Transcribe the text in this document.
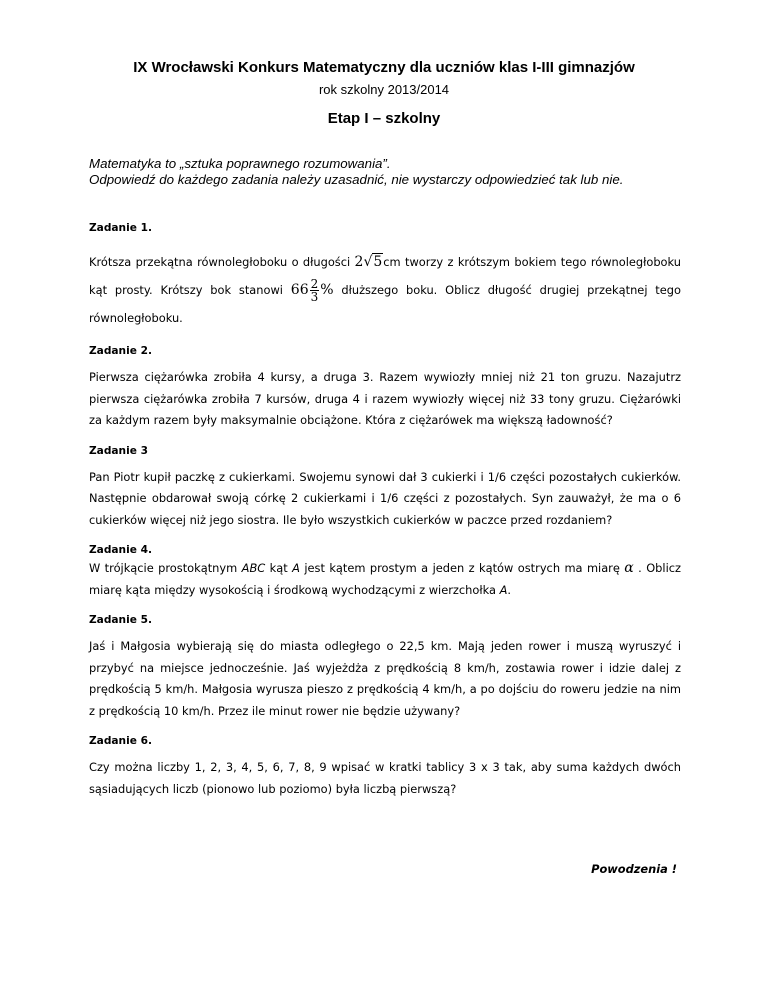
IX Wrocławski Konkurs Matematyczny dla uczniów klas I-III gimnazjów
rok szkolny 2013/2014
Etap I – szkolny
Matematyka to „sztuka poprawnego rozumowania”.
Odpowiedź do każdego zadania należy uzasadnić, nie wystarczy odpowiedzieć tak lub nie.
Zadanie 1.

Krótsza przekątna równoległoboku o długości 2√5cm tworzy z krótszym bokiem tego równoległoboku kąt prosty. Krótszy bok stanowi $66 \frac{2}{3}$ % dłuższego boku. Oblicz długość drugiej przekątnej tego równoległoboku.

Zadanie 2.

Pierwsza ciężarówka zrobiła 4 kursy, a druga 3. Razem wywiozły mniej niż 21 ton gruzu. Nazajutrz pierwsza ciężarówka zrobiła 7 kursów, druga 4 i razem wywiozły więcej niż 33 tony gruzu. Ciężarówki za każdym razem były maksymalnie obciążone. Która z ciężarówek ma większą ładowność?

Zadanie 3

Pan Piotr kupił paczkę z cukierkami. Swojemu synowi dał 3 cukierki i 1/6 części pozostałych cukierków. Następnie obdarował swoją córkę 2 cukierkami i 1/6 części z pozostałych. Syn zauważył, że ma o 6 cukierków więcej niż jego siostra. Ile było wszystkich cukierków w paczce przed rozdaniem?

Zadanie 4.

W trójkącie prostokątnym ABC kąt A jest kątem prostym a jeden z kątów ostrych ma miarę α . Oblicz miarę kąta między wysokością i środkową wychodzącymi z wierzchołka A.

Zadanie 5.

Jaś i Małgosia wybierają się do miasta odległego o 22,5 km. Mają jeden rower i muszą wyruszyć i przybyć na miejsce jednocześnie. Jaś wyjeżdża z prędkością 8 km/h, zostawia rower i idzie dalej z prędkością 5 km/h. Małgosia wyrusza pieszo z prędkością 4 km/h, a po dojściu do roweru jedzie na nim z prędkością 10 km/h. Przez ile minut rower nie będzie używany?

Zadanie 6.

Czy można liczby 1, 2, 3, 4, 5, 6, 7, 8, 9 wpisać w kratki tablicy 3 x 3 tak, aby suma każdych dwóch sąsiadujących liczb (pionowo lub poziomo) była liczbą pierwszą?

Powodzenia !
